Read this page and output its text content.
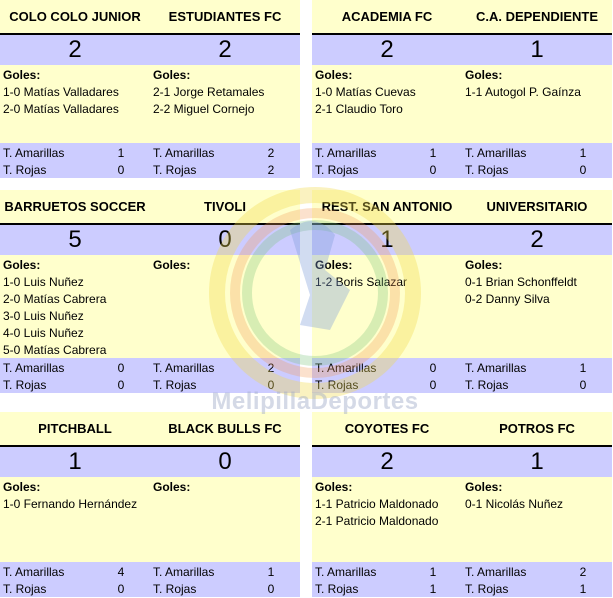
COLO COLO JUNIOR	ESTUDIANTES FC
2	2
Goles:
1-0 Matías Valladares
2-0 Matías Valladares
Goles:
2-1 Jorge Retamales
2-2 Miguel Cornejo
T. Amarillas	1
T. Rojas	0
T. Amarillas	2
T. Rojas	2
ACADEMIA FC	C.A. DEPENDIENTE
2	1
Goles:
1-0 Matías Cuevas
2-1 Claudio Toro
Goles:
1-1 Autogol P. Gaínza
T. Amarillas	1
T. Rojas	0
T. Amarillas	1
T. Rojas	0
BARRUETOS SOCCER	TIVOLI
5	0
Goles:
1-0 Luis Nuñez
2-0 Matías Cabrera
3-0 Luis Nuñez
4-0 Luis Nuñez
5-0 Matías Cabrera
Goles:
T. Amarillas	0
T. Rojas	0
T. Amarillas	2
T. Rojas	0
REST. SAN ANTONIO	UNIVERSITARIO
1	2
Goles:
1-2 Boris Salazar
Goles:
0-1 Brian Schonffeldt
0-2 Danny Silva
T. Amarillas	0
T. Rojas	0
T. Amarillas	1
T. Rojas	0
PITCHBALL	BLACK BULLS FC
1	0
Goles:
1-0 Fernando Hernández
Goles:
T. Amarillas	4
T. Rojas	0
T. Amarillas	1
T. Rojas	0
COYOTES FC	POTROS FC
2	1
Goles:
1-1 Patricio Maldonado
2-1 Patricio Maldonado
Goles:
0-1 Nicolás Nuñez
T. Amarillas	1
T. Rojas	1
T. Amarillas	2
T. Rojas	1
MelipillaDeportes
